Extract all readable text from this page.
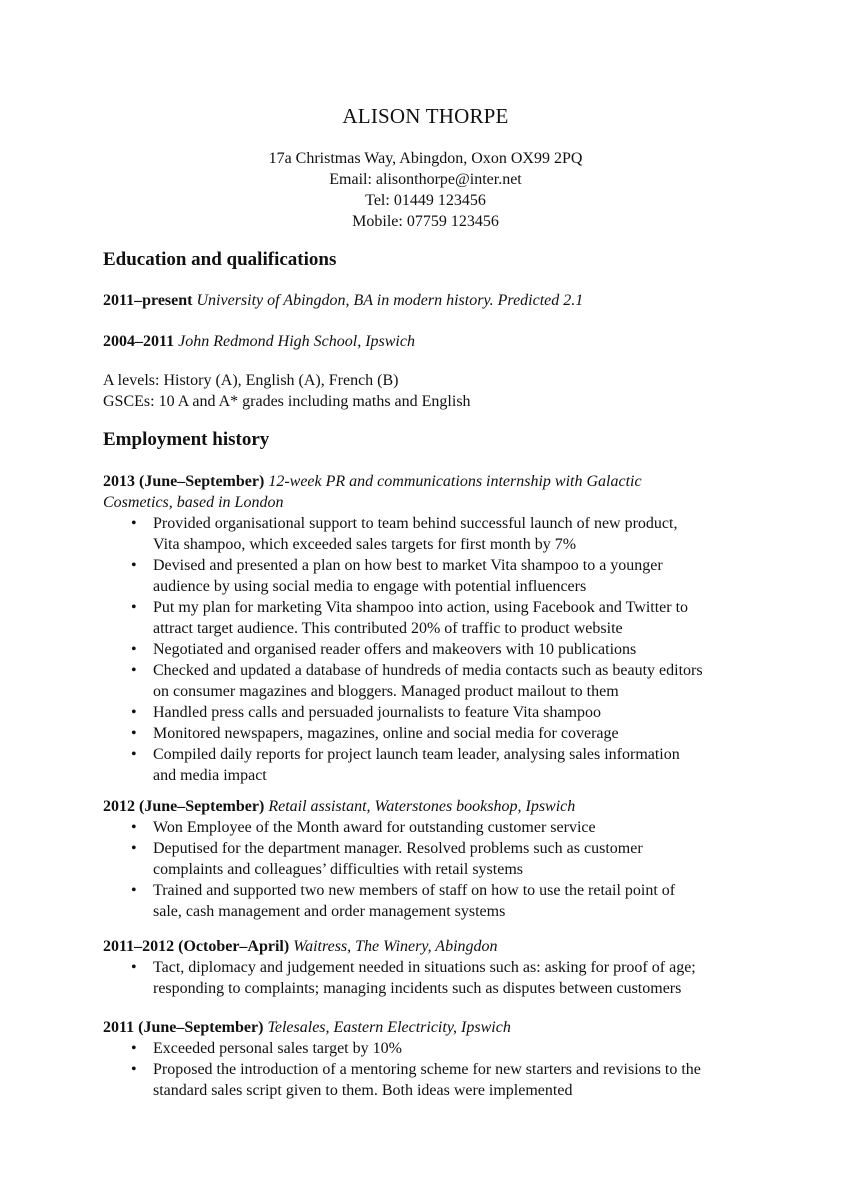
ALISON THORPE
17a Christmas Way, Abingdon, Oxon OX99 2PQ
Email: alisonthorpe@inter.net
Tel: 01449 123456
Mobile: 07759 123456
Education and qualifications
2011–present University of Abingdon, BA in modern history. Predicted 2.1
2004–2011 John Redmond High School, Ipswich
A levels: History (A), English (A), French (B)
GSCEs: 10 A and A* grades including maths and English
Employment history
2013 (June–September) 12-week PR and communications internship with Galactic
Cosmetics, based in London
• Provided organisational support to team behind successful launch of new product,
Vita shampoo, which exceeded sales targets for first month by 7%
• Devised and presented a plan on how best to market Vita shampoo to a younger
audience by using social media to engage with potential influencers
• Put my plan for marketing Vita shampoo into action, using Facebook and Twitter to
attract target audience. This contributed 20% of traffic to product website
• Negotiated and organised reader offers and makeovers with 10 publications
• Checked and updated a database of hundreds of media contacts such as beauty editors
on consumer magazines and bloggers. Managed product mailout to them
• Handled press calls and persuaded journalists to feature Vita shampoo
• Monitored newspapers, magazines, online and social media for coverage
• Compiled daily reports for project launch team leader, analysing sales information
and media impact
2012 (June–September) Retail assistant, Waterstones bookshop, Ipswich
• Won Employee of the Month award for outstanding customer service
• Deputised for the department manager. Resolved problems such as customer
complaints and colleagues’ difficulties with retail systems
• Trained and supported two new members of staff on how to use the retail point of
sale, cash management and order management systems
2011–2012 (October–April) Waitress, The Winery, Abingdon
• Tact, diplomacy and judgement needed in situations such as: asking for proof of age;
responding to complaints; managing incidents such as disputes between customers
2011 (June–September) Telesales, Eastern Electricity, Ipswich
• Exceeded personal sales target by 10%
• Proposed the introduction of a mentoring scheme for new starters and revisions to the
standard sales script given to them. Both ideas were implemented
